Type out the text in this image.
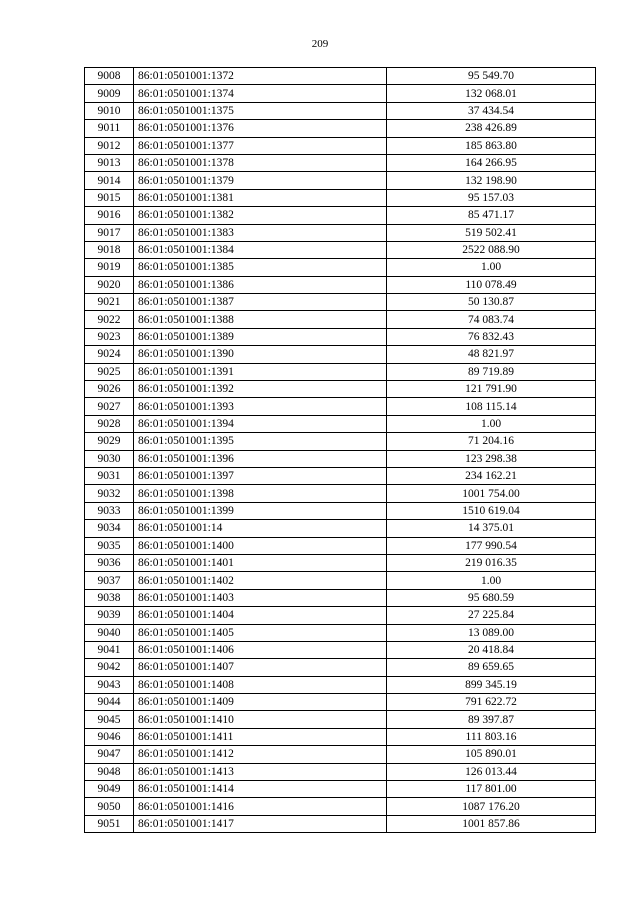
209
9008	86:01:0501001:1372	95 549.70
9009	86:01:0501001:1374	132 068.01
9010	86:01:0501001:1375	37 434.54
9011	86:01:0501001:1376	238 426.89
9012	86:01:0501001:1377	185 863.80
9013	86:01:0501001:1378	164 266.95
9014	86:01:0501001:1379	132 198.90
9015	86:01:0501001:1381	95 157.03
9016	86:01:0501001:1382	85 471.17
9017	86:01:0501001:1383	519 502.41
9018	86:01:0501001:1384	2522 088.90
9019	86:01:0501001:1385	1.00
9020	86:01:0501001:1386	110 078.49
9021	86:01:0501001:1387	50 130.87
9022	86:01:0501001:1388	74 083.74
9023	86:01:0501001:1389	76 832.43
9024	86:01:0501001:1390	48 821.97
9025	86:01:0501001:1391	89 719.89
9026	86:01:0501001:1392	121 791.90
9027	86:01:0501001:1393	108 115.14
9028	86:01:0501001:1394	1.00
9029	86:01:0501001:1395	71 204.16
9030	86:01:0501001:1396	123 298.38
9031	86:01:0501001:1397	234 162.21
9032	86:01:0501001:1398	1001 754.00
9033	86:01:0501001:1399	1510 619.04
9034	86:01:0501001:14	14 375.01
9035	86:01:0501001:1400	177 990.54
9036	86:01:0501001:1401	219 016.35
9037	86:01:0501001:1402	1.00
9038	86:01:0501001:1403	95 680.59
9039	86:01:0501001:1404	27 225.84
9040	86:01:0501001:1405	13 089.00
9041	86:01:0501001:1406	20 418.84
9042	86:01:0501001:1407	89 659.65
9043	86:01:0501001:1408	899 345.19
9044	86:01:0501001:1409	791 622.72
9045	86:01:0501001:1410	89 397.87
9046	86:01:0501001:1411	111 803.16
9047	86:01:0501001:1412	105 890.01
9048	86:01:0501001:1413	126 013.44
9049	86:01:0501001:1414	117 801.00
9050	86:01:0501001:1416	1087 176.20
9051	86:01:0501001:1417	1001 857.86
